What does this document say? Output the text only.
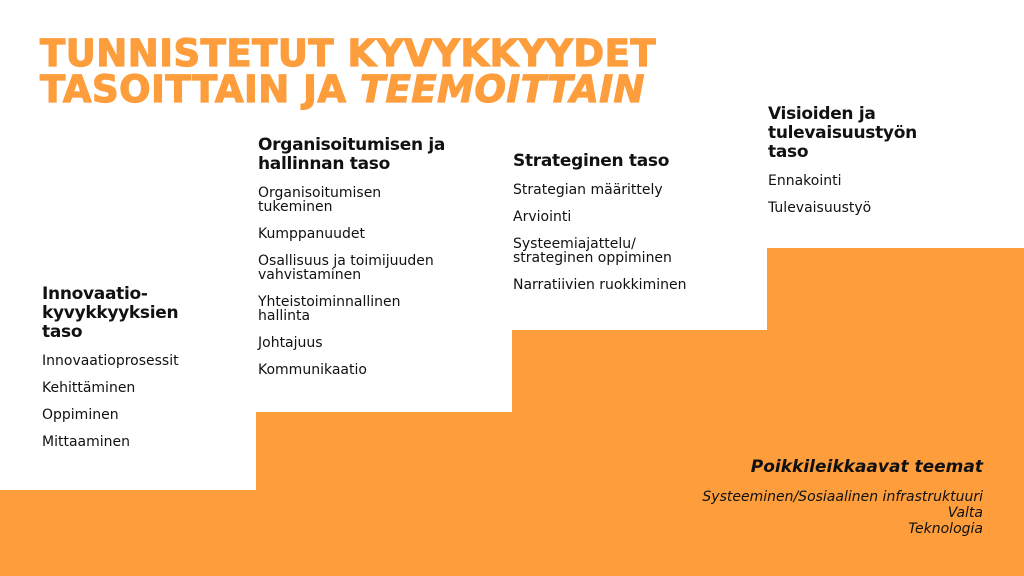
TUNNISTETUT KYVYKKYYDET
TASOITTAIN JA TEEMOITTAIN
Innovaatio-
kyvykkyyksien
taso
Innovaatioprosessit
Kehittäminen
Oppiminen
Mittaaminen
Organisoitumisen ja
hallinnan taso
Organisoitumisen
tukeminen
Kumppanuudet
Osallisuus ja toimijuuden
vahvistaminen
Yhteistoiminnallinen
hallinta
Johtajuus
Kommunikaatio
Strateginen taso
Strategian määrittely
Arviointi
Systeemiajattelu/
strateginen oppiminen
Narratiivien ruokkiminen
Visioiden ja
tulevaisuustyön
taso
Ennakointi
Tulevaisuustyö
Poikkileikkaavat teemat
Systeeminen/Sosiaalinen infrastruktuuri
Valta
Teknologia
